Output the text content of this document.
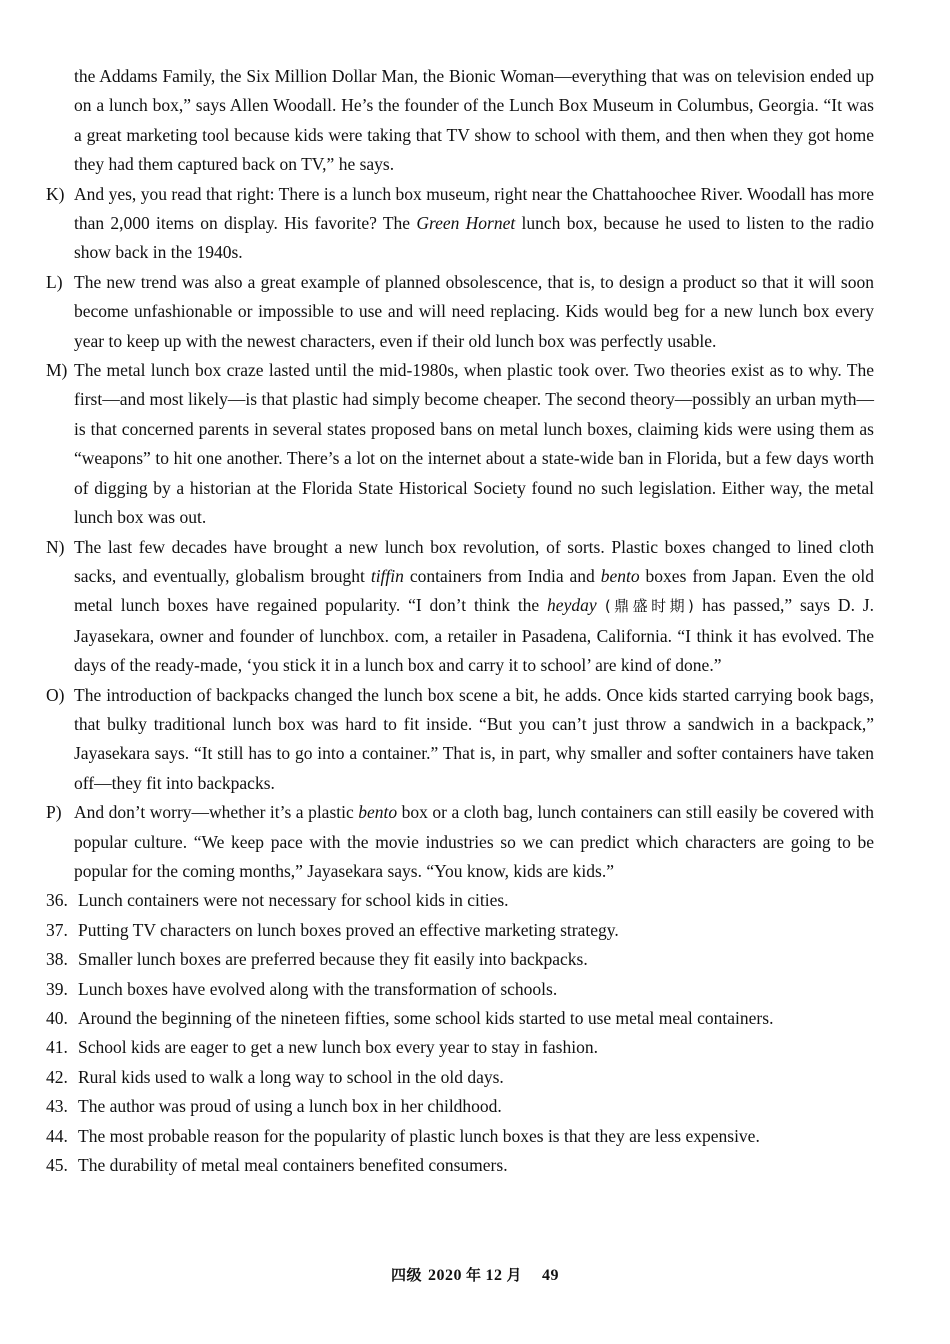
the Addams Family, the Six Million Dollar Man, the Bionic Woman—everything that was on television ended up on a lunch box,” says Allen Woodall. He’s the founder of the Lunch Box Museum in Columbus, Georgia. “It was a great marketing tool because kids were taking that TV show to school with them, and then when they got home they had them captured back on TV,” he says.
K) And yes, you read that right: There is a lunch box museum, right near the Chattahoochee River. Woodall has more than 2,000 items on display. His favorite? The Green Hornet lunch box, because he used to listen to the radio show back in the 1940s.
L) The new trend was also a great example of planned obsolescence, that is, to design a product so that it will soon become unfashionable or impossible to use and will need replacing. Kids would beg for a new lunch box every year to keep up with the newest characters, even if their old lunch box was perfectly usable.
M) The metal lunch box craze lasted until the mid-1980s, when plastic took over. Two theories exist as to why. The first—and most likely—is that plastic had simply become cheaper. The second theory—possibly an urban myth—is that concerned parents in several states proposed bans on metal lunch boxes, claiming kids were using them as “weapons” to hit one another. There’s a lot on the internet about a state-wide ban in Florida, but a few days worth of digging by a historian at the Florida State Historical Society found no such legislation. Either way, the metal lunch box was out.
N) The last few decades have brought a new lunch box revolution, of sorts. Plastic boxes changed to lined cloth sacks, and eventually, globalism brought tiffin containers from India and bento boxes from Japan. Even the old metal lunch boxes have regained popularity. “I don’t think the heyday (鼎盛时期) has passed,” says D. J. Jayasekara, owner and founder of lunchbox. com, a retailer in Pasadena, California. “I think it has evolved. The days of the ready-made, ‘you stick it in a lunch box and carry it to school’ are kind of done.”
O) The introduction of backpacks changed the lunch box scene a bit, he adds. Once kids started carrying book bags, that bulky traditional lunch box was hard to fit inside. “But you can’t just throw a sandwich in a backpack,” Jayasekara says. “It still has to go into a container.” That is, in part, why smaller and softer containers have taken off—they fit into backpacks.
P) And don’t worry—whether it’s a plastic bento box or a cloth bag, lunch containers can still easily be covered with popular culture. “We keep pace with the movie industries so we can predict which characters are going to be popular for the coming months,” Jayasekara says. “You know, kids are kids.”
36. Lunch containers were not necessary for school kids in cities.
37. Putting TV characters on lunch boxes proved an effective marketing strategy.
38. Smaller lunch boxes are preferred because they fit easily into backpacks.
39. Lunch boxes have evolved along with the transformation of schools.
40. Around the beginning of the nineteen fifties, some school kids started to use metal meal containers.
41. School kids are eager to get a new lunch box every year to stay in fashion.
42. Rural kids used to walk a long way to school in the old days.
43. The author was proud of using a lunch box in her childhood.
44. The most probable reason for the popularity of plastic lunch boxes is that they are less expensive.
45. The durability of metal meal containers benefited consumers.
四级 2020 年 12 月 49
